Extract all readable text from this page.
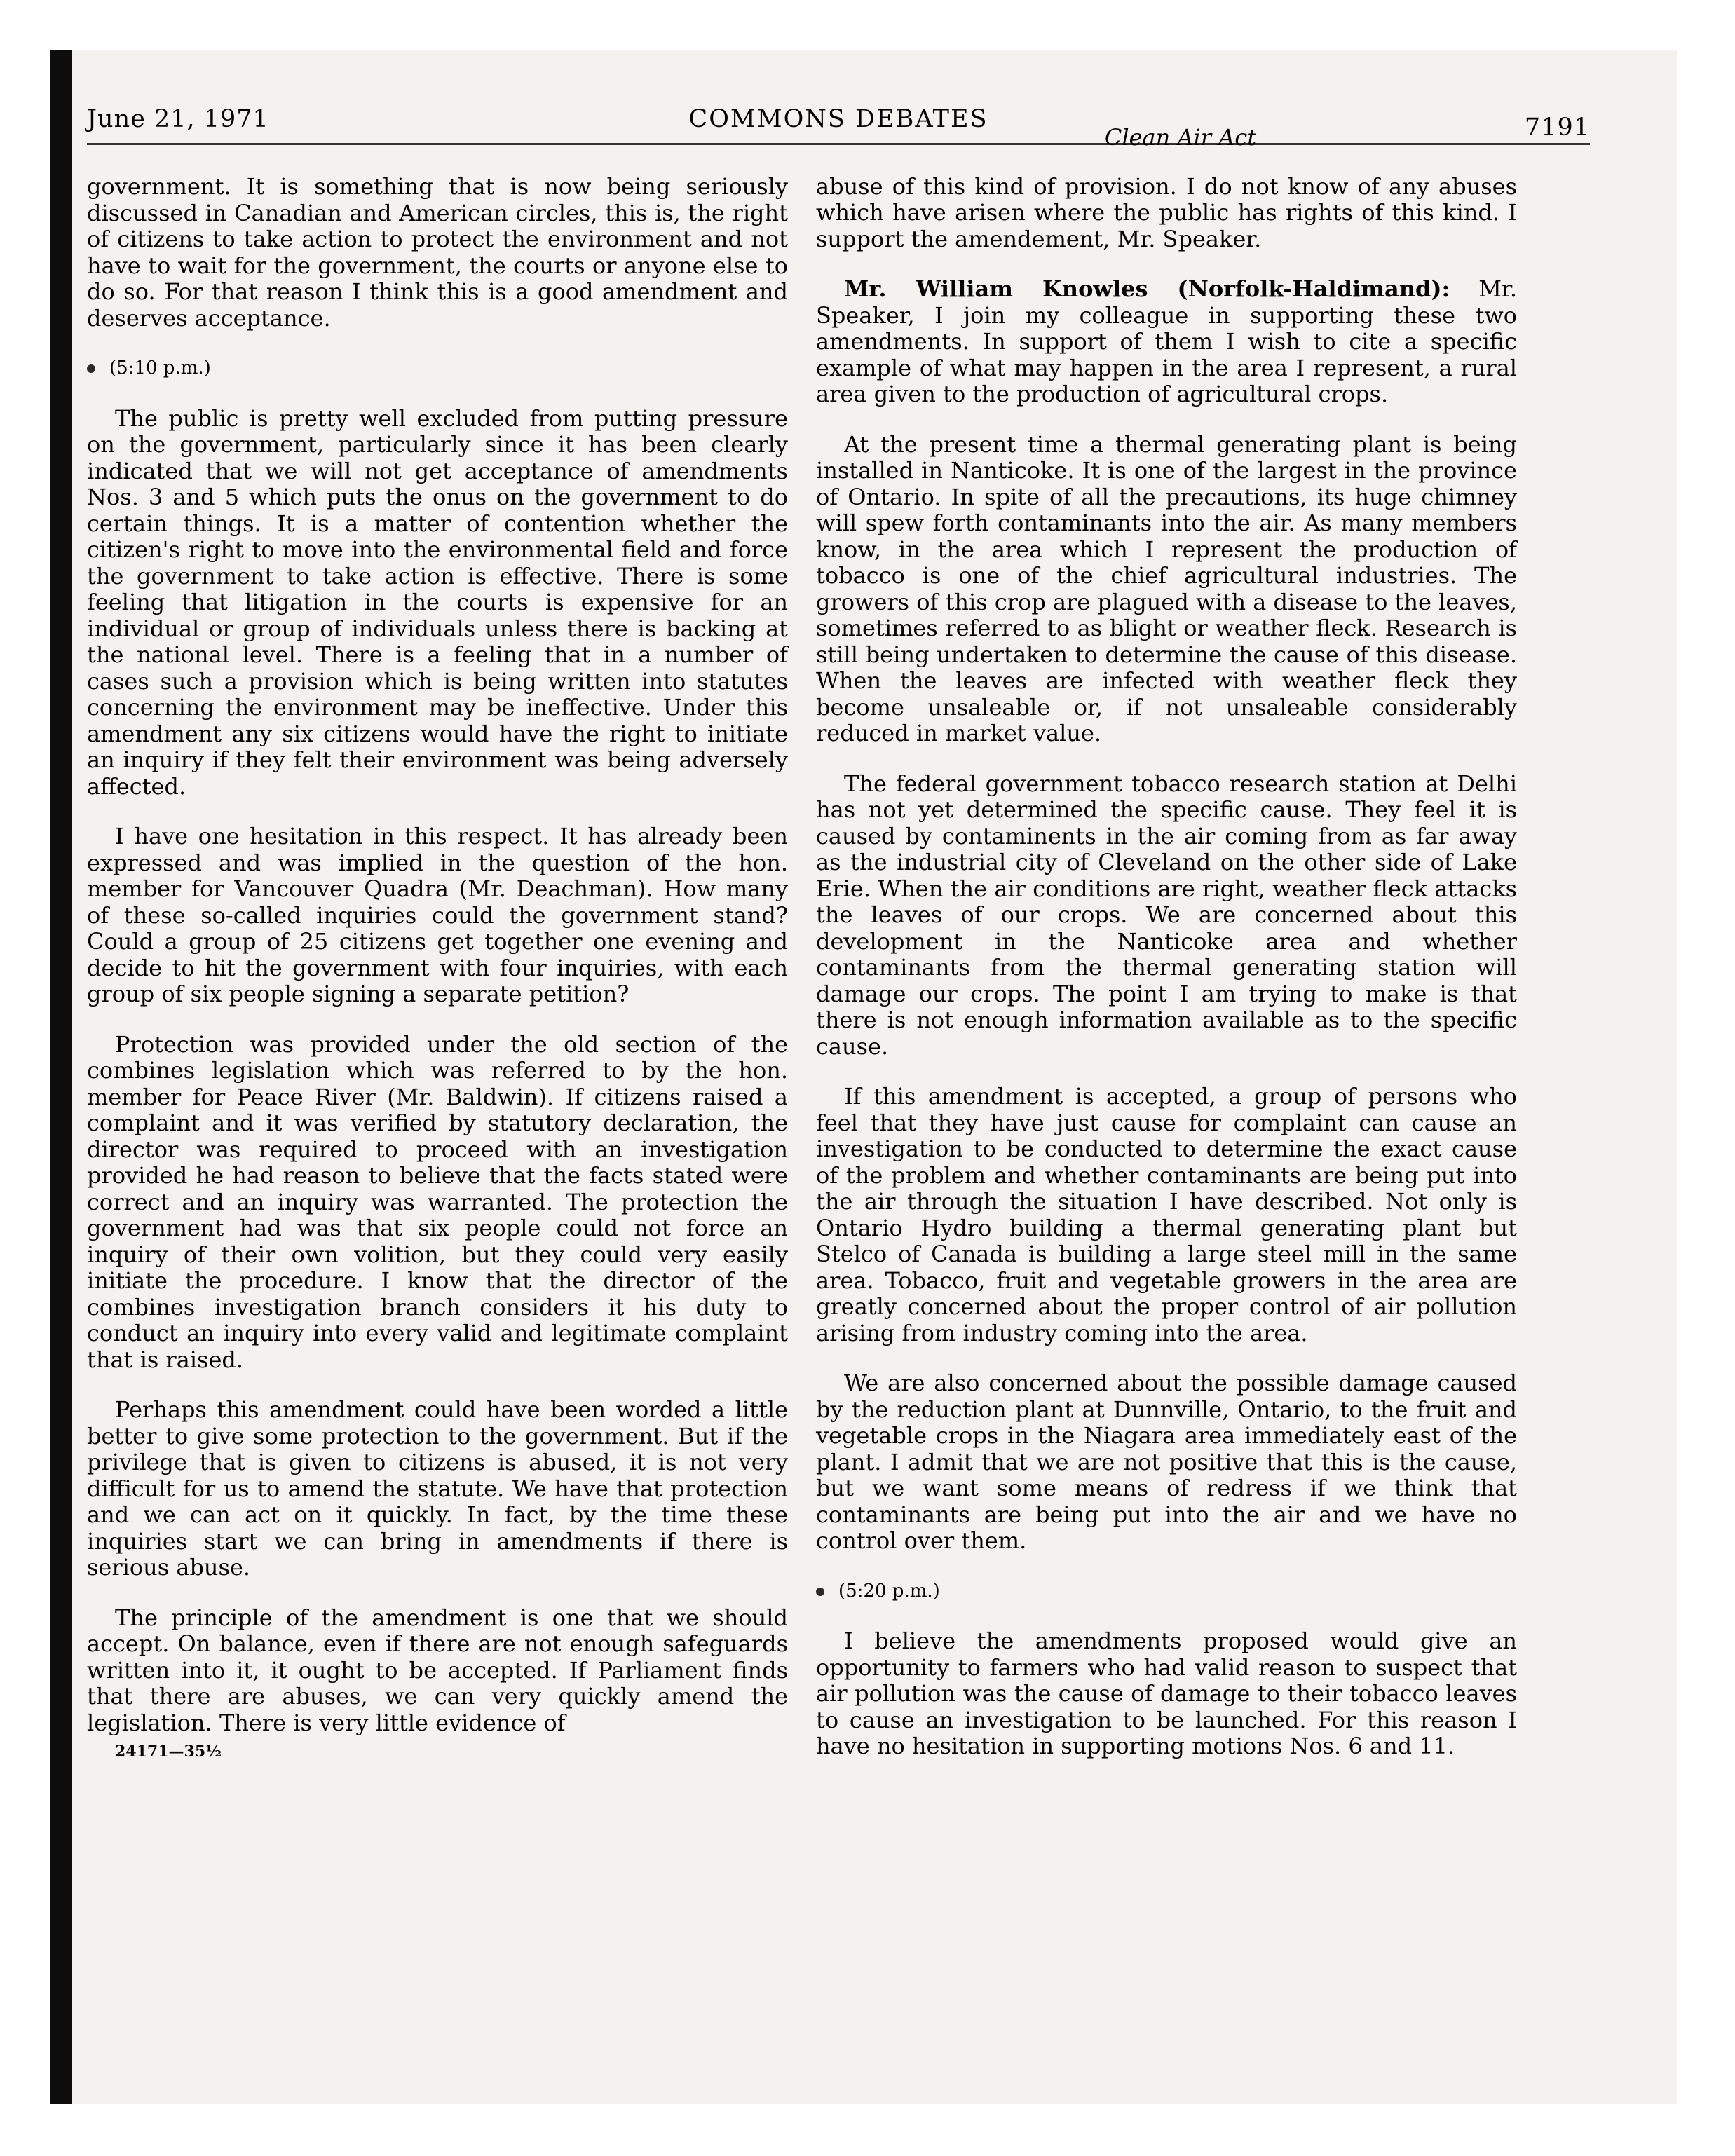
June 21, 1971	COMMONS DEBATES	7191

government. It is something that is now being seriously discussed in Canadian and American circles, this is, the right of citizens to take action to protect the environment and not have to wait for the government, the courts or anyone else to do so. For that reason I think this is a good amendment and deserves acceptance.

(5:10 p.m.)

The public is pretty well excluded from putting pressure on the government, particularly since it has been clearly indicated that we will not get acceptance of amendments Nos. 3 and 5 which puts the onus on the government to do certain things. It is a matter of contention whether the citizen's right to move into the environmental field and force the government to take action is effective. There is some feeling that litigation in the courts is expensive for an individual or group of individuals unless there is backing at the national level. There is a feeling that in a number of cases such a provision which is being written into statutes concerning the environment may be ineffective. Under this amendment any six citizens would have the right to initiate an inquiry if they felt their environment was being adversely affected.

I have one hesitation in this respect. It has already been expressed and was implied in the question of the hon. member for Vancouver Quadra (Mr. Deachman). How many of these so-called inquiries could the government stand? Could a group of 25 citizens get together one evening and decide to hit the government with four inquiries, with each group of six people signing a separate petition?

Protection was provided under the old section of the combines legislation which was referred to by the hon. member for Peace River (Mr. Baldwin). If citizens raised a complaint and it was verified by statutory declaration, the director was required to proceed with an investigation provided he had reason to believe that the facts stated were correct and an inquiry was warranted. The protection the government had was that six people could not force an inquiry of their own volition, but they could very easily initiate the procedure. I know that the director of the combines investigation branch considers it his duty to conduct an inquiry into every valid and legitimate complaint that is raised.

Perhaps this amendment could have been worded a little better to give some protection to the government. But if the privilege that is given to citizens is abused, it is not very difficult for us to amend the statute. We have that protection and we can act on it quickly. In fact, by the time these inquiries start we can bring in amendments if there is serious abuse.

The principle of the amendment is one that we should accept. On balance, even if there are not enough safeguards written into it, it ought to be accepted. If Parliament finds that there are abuses, we can very quickly amend the legislation. There is very little evidence of

24171—35½

Clean Air Act

abuse of this kind of provision. I do not know of any abuses which have arisen where the public has rights of this kind. I support the amendement, Mr. Speaker.

Mr. William Knowles (Norfolk-Haldimand): Mr. Speaker, I join my colleague in supporting these two amendments. In support of them I wish to cite a specific example of what may happen in the area I represent, a rural area given to the production of agricultural crops.

At the present time a thermal generating plant is being installed in Nanticoke. It is one of the largest in the province of Ontario. In spite of all the precautions, its huge chimney will spew forth contaminants into the air. As many members know, in the area which I represent the production of tobacco is one of the chief agricultural industries. The growers of this crop are plagued with a disease to the leaves, sometimes referred to as blight or weather fleck. Research is still being undertaken to determine the cause of this disease. When the leaves are infected with weather fleck they become unsaleable or, if not unsaleable considerably reduced in market value.

The federal government tobacco research station at Delhi has not yet determined the specific cause. They feel it is caused by contaminents in the air coming from as far away as the industrial city of Cleveland on the other side of Lake Erie. When the air conditions are right, weather fleck attacks the leaves of our crops. We are concerned about this development in the Nanticoke area and whether contaminants from the thermal generating station will damage our crops. The point I am trying to make is that there is not enough information available as to the specific cause.

If this amendment is accepted, a group of persons who feel that they have just cause for complaint can cause an investigation to be conducted to determine the exact cause of the problem and whether contaminants are being put into the air through the situation I have described. Not only is Ontario Hydro building a thermal generating plant but Stelco of Canada is building a large steel mill in the same area. Tobacco, fruit and vegetable growers in the area are greatly concerned about the proper control of air pollution arising from industry coming into the area.

We are also concerned about the possible damage caused by the reduction plant at Dunnville, Ontario, to the fruit and vegetable crops in the Niagara area immediately east of the plant. I admit that we are not positive that this is the cause, but we want some means of redress if we think that contaminants are being put into the air and we have no control over them.

(5:20 p.m.)

I believe the amendments proposed would give an opportunity to farmers who had valid reason to suspect that air pollution was the cause of damage to their tobacco leaves to cause an investigation to be launched. For this reason I have no hesitation in supporting motions Nos. 6 and 11.
